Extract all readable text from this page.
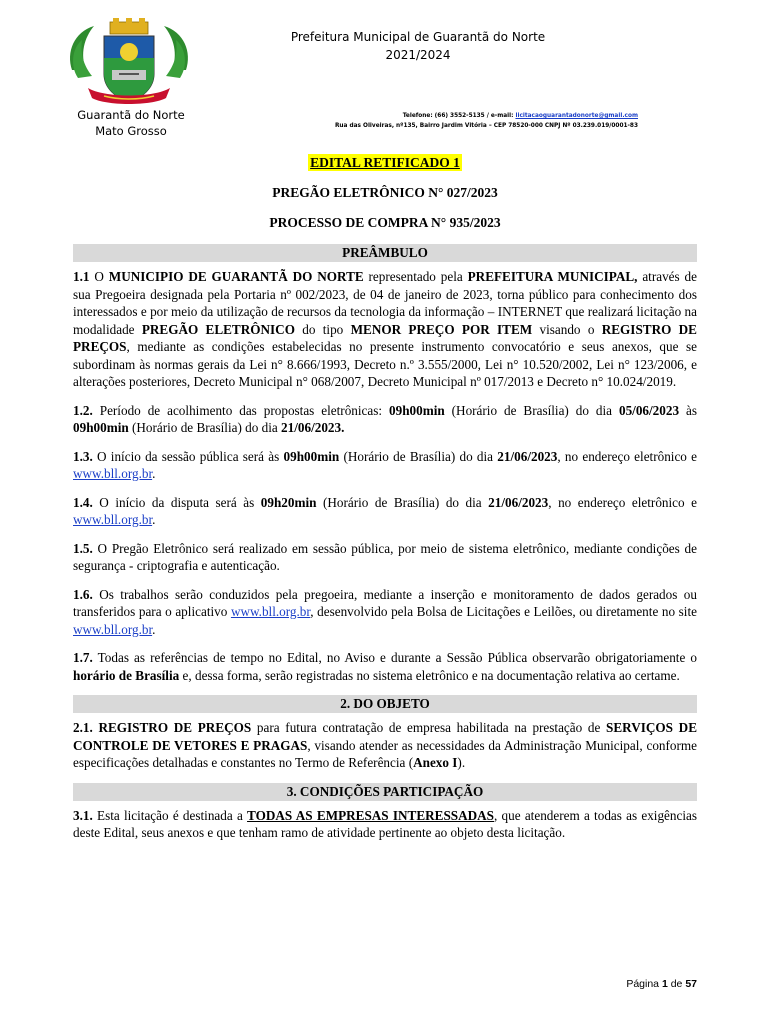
Guarantã do Norte
Mato Grosso
Prefeitura Municipal de Guarantã do Norte
2021/2024
Telefone: (66) 3552-5135 / e-mail: licitacaoguarantadonorte@gmail.com
Rua das Oliveiras, nº135, Bairro Jardim Vitória – CEP 78520-000 CNPJ Nº 03.239.019/0001-83
EDITAL RETIFICADO 1
PREGÃO ELETRÔNICO N° 027/2023
PROCESSO DE COMPRA N° 935/2023
PREÂMBULO

1.1 O MUNICIPIO DE GUARANTÃ DO NORTE representado pela PREFEITURA MUNICIPAL, através de sua Pregoeira designada pela Portaria nº 002/2023, de 04 de janeiro de 2023, torna público para conhecimento dos interessados e por meio da utilização de recursos da tecnologia da informação – INTERNET que realizará licitação na modalidade PREGÃO ELETRÔNICO do tipo MENOR PREÇO POR ITEM visando o REGISTRO DE PREÇOS, mediante as condições estabelecidas no presente instrumento convocatório e seus anexos, que se subordinam às normas gerais da Lei n° 8.666/1993, Decreto n.º 3.555/2000, Lei n° 10.520/2002, Lei n° 123/2006, e alterações posteriores, Decreto Municipal n° 068/2007, Decreto Municipal nº 017/2013 e Decreto n° 10.024/2019.

1.2. Período de acolhimento das propostas eletrônicas: 09h00min (Horário de Brasília) do dia 05/06/2023 às 09h00min (Horário de Brasília) do dia 21/06/2023.

1.3. O início da sessão pública será às 09h00min (Horário de Brasília) do dia 21/06/2023, no endereço eletrônico e www.bll.org.br.

1.4. O início da disputa será às 09h20min (Horário de Brasília) do dia 21/06/2023, no endereço eletrônico e www.bll.org.br.

1.5. O Pregão Eletrônico será realizado em sessão pública, por meio de sistema eletrônico, mediante condições de segurança - criptografia e autenticação.

1.6. Os trabalhos serão conduzidos pela pregoeira, mediante a inserção e monitoramento de dados gerados ou transferidos para o aplicativo www.bll.org.br, desenvolvido pela Bolsa de Licitações e Leilões, ou diretamente no site www.bll.org.br.

1.7. Todas as referências de tempo no Edital, no Aviso e durante a Sessão Pública observarão obrigatoriamente o horário de Brasília e, dessa forma, serão registradas no sistema eletrônico e na documentação relativa ao certame.

2. DO OBJETO

2.1. REGISTRO DE PREÇOS para futura contratação de empresa habilitada na prestação de SERVIÇOS DE CONTROLE DE VETORES E PRAGAS, visando atender as necessidades da Administração Municipal, conforme especificações detalhadas e constantes no Termo de Referência (Anexo I).

3. CONDIÇÕES PARTICIPAÇÃO

3.1. Esta licitação é destinada a TODAS AS EMPRESAS INTERESSADAS, que atenderem a todas as exigências deste Edital, seus anexos e que tenham ramo de atividade pertinente ao objeto desta licitação.

Página 1 de 57
